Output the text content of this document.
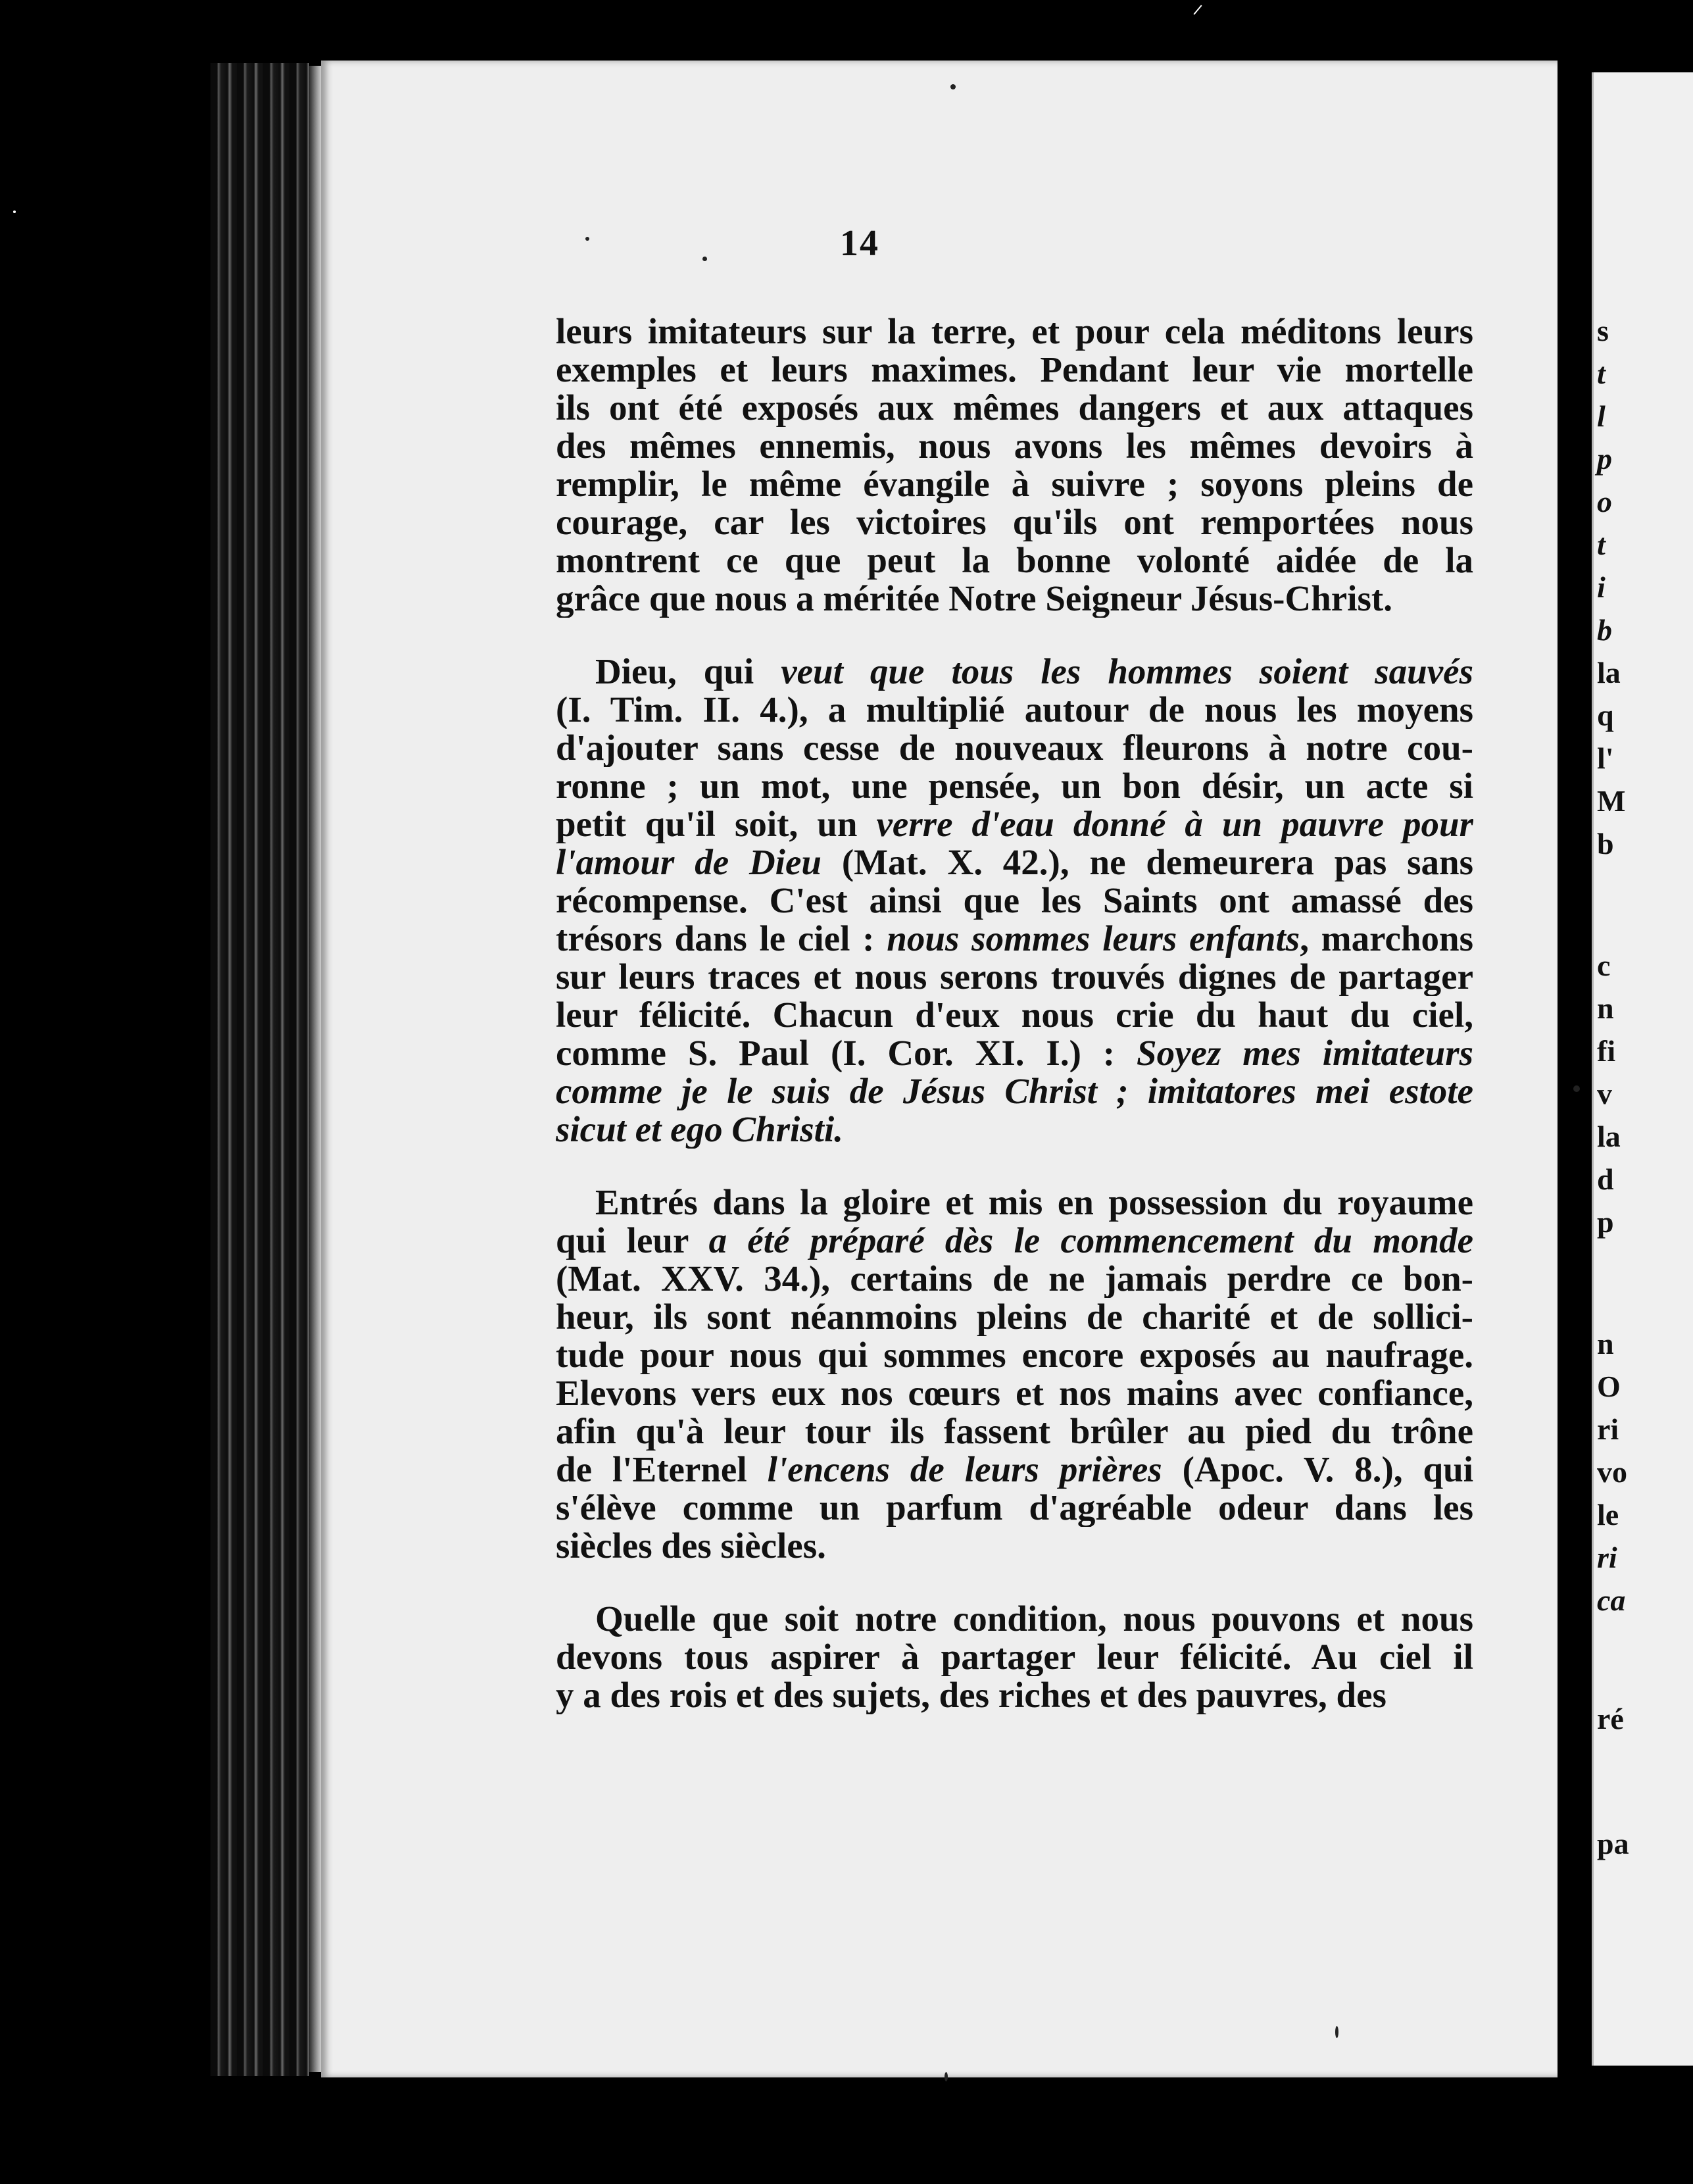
14
leurs imitateurs sur la terre, et pour cela méditons leurs
exemples et leurs maximes. Pendant leur vie mortelle
ils ont été exposés aux mêmes dangers et aux attaques
des mêmes ennemis, nous avons les mêmes devoirs à
remplir, le même évangile à suivre ; soyons pleins de
courage, car les victoires qu'ils ont remportées nous
montrent ce que peut la bonne volonté aidée de la
grâce que nous a méritée Notre Seigneur Jésus-Christ.
Dieu, qui veut que tous les hommes soient sauvés
(I. Tim. II. 4.), a multiplié autour de nous les moyens
d'ajouter sans cesse de nouveaux fleurons à notre cou-
ronne ; un mot, une pensée, un bon désir, un acte si
petit qu'il soit, un verre d'eau donné à un pauvre pour
l'amour de Dieu (Mat. X. 42.), ne demeurera pas sans
récompense. C'est ainsi que les Saints ont amassé des
trésors dans le ciel : nous sommes leurs enfants, marchons
sur leurs traces et nous serons trouvés dignes de partager
leur félicité. Chacun d'eux nous crie du haut du ciel,
comme S. Paul (I. Cor. XI. I.) : Soyez mes imitateurs
comme je le suis de Jésus Christ ; imitatores mei estote
sicut et ego Christi.
Entrés dans la gloire et mis en possession du royaume
qui leur a été préparé dès le commencement du monde
(Mat. XXV. 34.), certains de ne jamais perdre ce bon-
heur, ils sont néanmoins pleins de charité et de sollici-
tude pour nous qui sommes encore exposés au naufrage.
Elevons vers eux nos cœurs et nos mains avec confiance,
afin qu'à leur tour ils fassent brûler au pied du trône
de l'Eternel l'encens de leurs prières (Apoc. V. 8.), qui
s'élève comme un parfum d'agréable odeur dans les
siècles des siècles.
Quelle que soit notre condition, nous pouvons et nous
devons tous aspirer à partager leur félicité. Au ciel il
y a des rois et des sujets, des riches et des pauvres, des
s
t
l
p
o
t
i
b
la
q
l'
M
b
c
n
fi
v
la
d
p
n
O
ri
vo
le
ri
ca
ré
pa
